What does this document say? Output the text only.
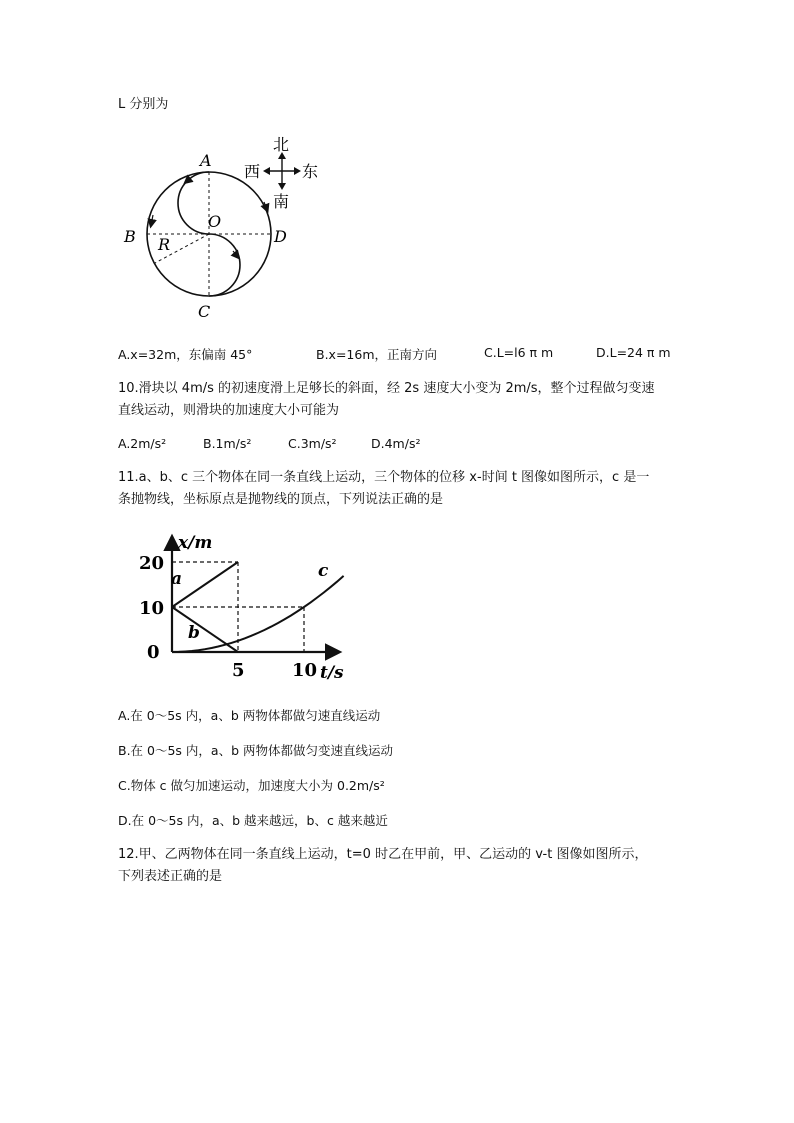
L 分别为
A
B
C
D
O
R
北
南
西	东
A.x=32m，东偏南 45°	B.x=16m，正南方向	C.L=l6 π m	D.L=24 π m
10.滑块以 4m/s 的初速度滑上足够长的斜面，经 2s 速度大小变为 2m/s，整个过程做匀变速
直线运动，则滑块的加速度大小可能为
A.2m/s²	B.1m/s²	C.3m/s²	D.4m/s²
11.a、b、c 三个物体在同一条直线上运动，三个物体的位移 x-时间 t 图像如图所示，c 是一
条抛物线，坐标原点是抛物线的顶点，下列说法正确的是
a
b
c
0
10
20
5	10
x/m
t/s
A.在 0～5s 内，a、b 两物体都做匀速直线运动
B.在 0～5s 内，a、b 两物体都做匀变速直线运动
C.物体 c 做匀加速运动，加速度大小为 0.2m/s²
D.在 0～5s 内，a、b 越来越远，b、c 越来越近
12.甲、乙两物体在同一条直线上运动，t=0 时乙在甲前，甲、乙运动的 v-t 图像如图所示，
下列表述正确的是
